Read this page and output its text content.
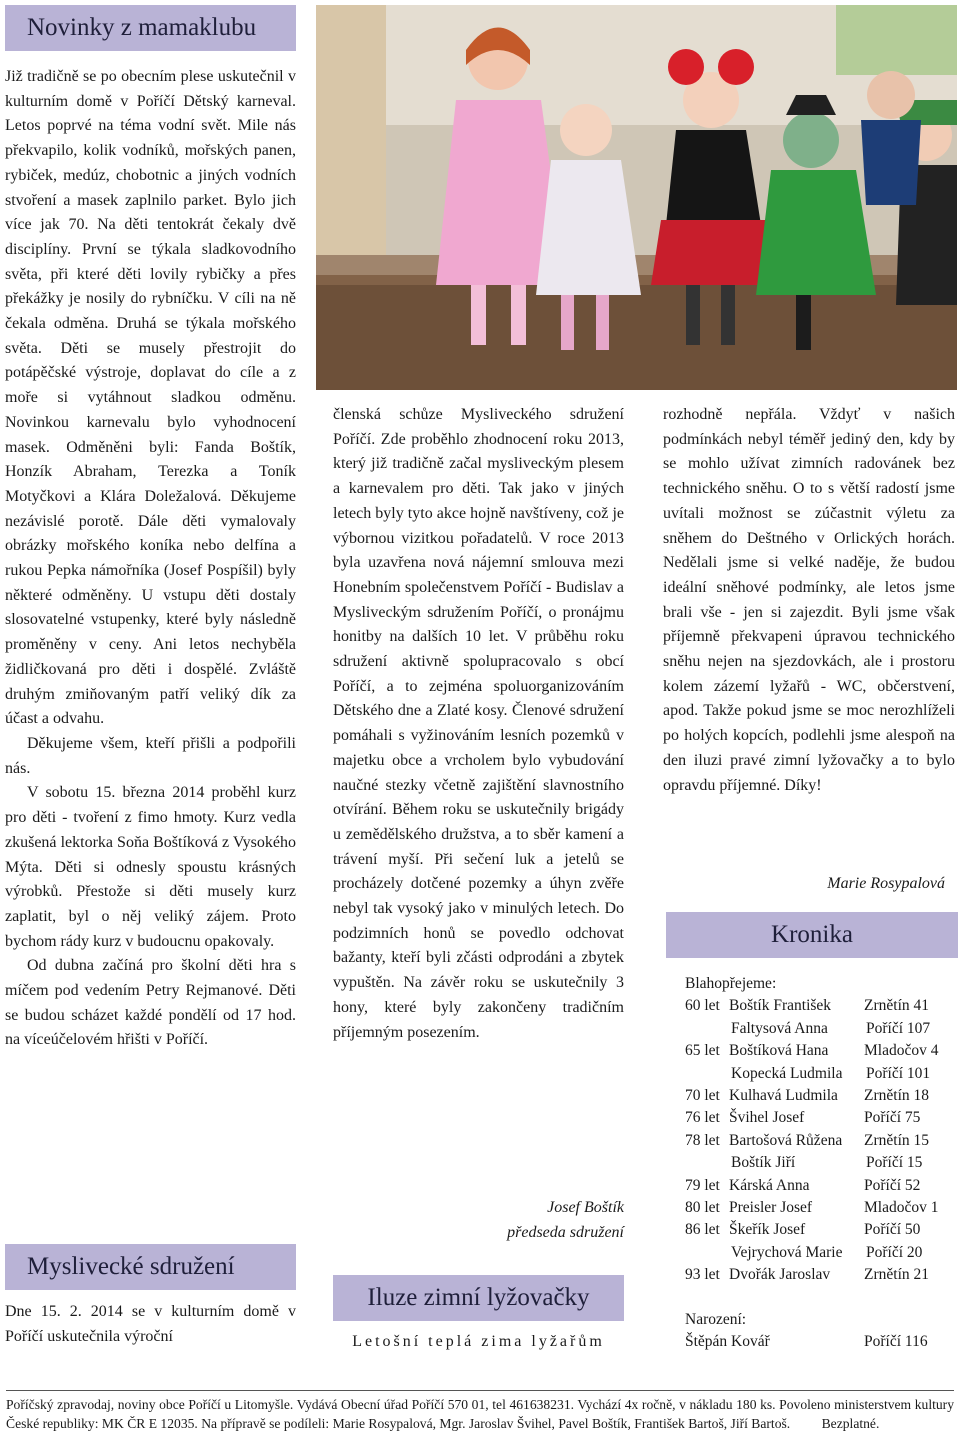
Novinky z mamaklubu

Již tradičně se po obecním plese uskutečnil v kulturním domě v Poříčí Dětský karneval. Letos poprvé na téma vodní svět. Mile nás překvapilo, kolik vodníků, mořských panen, rybiček, medúz, chobotnic a jiných vodních stvoření a masek zaplnilo parket. Bylo jich více jak 70. Na děti tentokrát čekaly dvě disciplíny. První se týkala sladkovodního světa, při které děti lovily rybičky a přes překážky je nosily do rybníčku. V cíli na ně čekala odměna. Druhá se týkala mořského světa. Děti se musely přestrojit do potápěčské výstroje, doplavat do cíle a z moře si vytáhnout sladkou odměnu. Novinkou karnevalu bylo vyhodnocení masek. Odměněni byli: Fanda Boštík, Honzík Abraham, Terezka a Toník Motyčkovi a Klára Doležalová. Děkujeme nezávislé porotě. Dále děti vymalovaly obrázky mořského koníka nebo delfína a rukou Pepka námořníka (Josef Pospíšil) byly některé odměněny. U vstupu děti dostaly slosovatelné vstupenky, které byly následně proměněny v ceny. Ani letos nechyběla židličkovaná pro děti i dospělé. Zvláště druhým zmiňovaným patří veliký dík za účast a odvahu.

Děkujeme všem, kteří přišli a podpořili nás.

V sobotu 15. března 2014 proběhl kurz pro děti - tvoření z fimo hmoty. Kurz vedla zkušená lektorka Soňa Boštíková z Vysokého Mýta. Děti si odnesly spoustu krásných výrobků. Přestože si děti musely kurz zaplatit, byl o něj veliký zájem. Proto bychom rády kurz v budoucnu opakovaly.

Od dubna začíná pro školní děti hra s míčem pod vedením Petry Rejmanové. Děti se budou scházet každé pondělí od 17 hod. na víceúčelovém hřišti v Poříčí.

Myslivecké sdružení

Dne 15. 2. 2014 se v kulturním domě v Poříčí uskutečnila výroční

členská schůze Mysliveckého sdružení Poříčí. Zde proběhlo zhodnocení roku 2013, který již tradičně začal mysliveckým plesem a karnevalem pro děti. Tak jako v jiných letech byly tyto akce hojně navštíveny, což je výbornou vizitkou pořadatelů. V roce 2013 byla uzavřena nová nájemní smlouva mezi Honebním společenstvem Poříčí - Budislav a Mysliveckým sdružením Poříčí, o pronájmu honitby na dalších 10 let. V průběhu roku sdružení aktivně spolupracovalo s obcí Poříčí, a to zejména spoluorganizováním Dětského dne a Zlaté kosy. Členové sdružení pomáhali s vyžinováním lesních pozemků v majetku obce a vrcholem bylo vybudování naučné stezky včetně zajištění slavnostního otvírání. Během roku se uskutečnily brigády u zemědělského družstva, a to sběr kamení a trávení myší. Při sečení luk a jetelů se procházely dotčené pozemky a úhyn zvěře nebyl tak vysoký jako v minulých letech. Do podzimních honů se povedlo odchovat bažanty, kteří byli zčásti odprodáni a zbytek vypuštěn. Na závěr roku se uskutečnily 3 hony, které byly zakončeny tradičním příjemným posezením.

Josef Boštík
předseda sdružení
Iluze zimní lyžovačky

Letošní teplá zima lyžařům

rozhodně nepřála. Vždyť v našich podmínkách nebyl téměř jediný den, kdy by se mohlo užívat zimních radovánek bez technického sněhu. O to s větší radostí jsme uvítali možnost se zúčastnit výletu za sněhem do Deštného v Orlických horách. Nedělali jsme si velké naděje, že budou ideální sněhové podmínky, ale letos jsme brali vše - jen si zajezdit. Byli jsme však příjemně překvapeni úpravou technického sněhu nejen na sjezdovkách, ale i prostoru kolem zázemí lyžařů - WC, občerstvení, apod. Takže pokud jsme se moc nerozhlíželi po holých kopcích, podlehli jsme alespoň na den iluzi pravé zimní lyžovačky a to bylo opravdu příjemné. Díky!

Marie Rosypalová
Kronika
Blahopřejeme:
60 let Boštík František	Zrnětín 41
Faltysová Anna	Poříčí 107
65 let Boštíková Hana	Mladočov 4
Kopecká Ludmila	Poříčí 101
70 let Kulhavá Ludmila	Zrnětín 18
76 let Švihel Josef	Poříčí 75
78 let Bartošová Růžena	Zrnětín 15
Boštík Jiří	Poříčí 15
79 let Kárská Anna	Poříčí 52
80 let Preisler Josef	Mladočov 1
86 let Škeřík Josef	Poříčí 50
Vejrychová Marie	Poříčí 20
93 let Dvořák Jaroslav	Zrnětín 21
Narození:
Štěpán Kovář	Poříčí 116
Poříčský zpravodaj, noviny obce Poříčí u Litomyšle. Vydává Obecní úřad Poříčí 570 01, tel 461638231. Vychází 4x ročně, v nákladu 180 ks. Povoleno ministerstvem kultury České republiky: MK ČR E 12035. Na přípravě se podíleli: Marie Rosypalová, Mgr. Jaroslav Švihel, Pavel Boštík, František Bartoš, Jiří Bartoš. Bezplatné.
